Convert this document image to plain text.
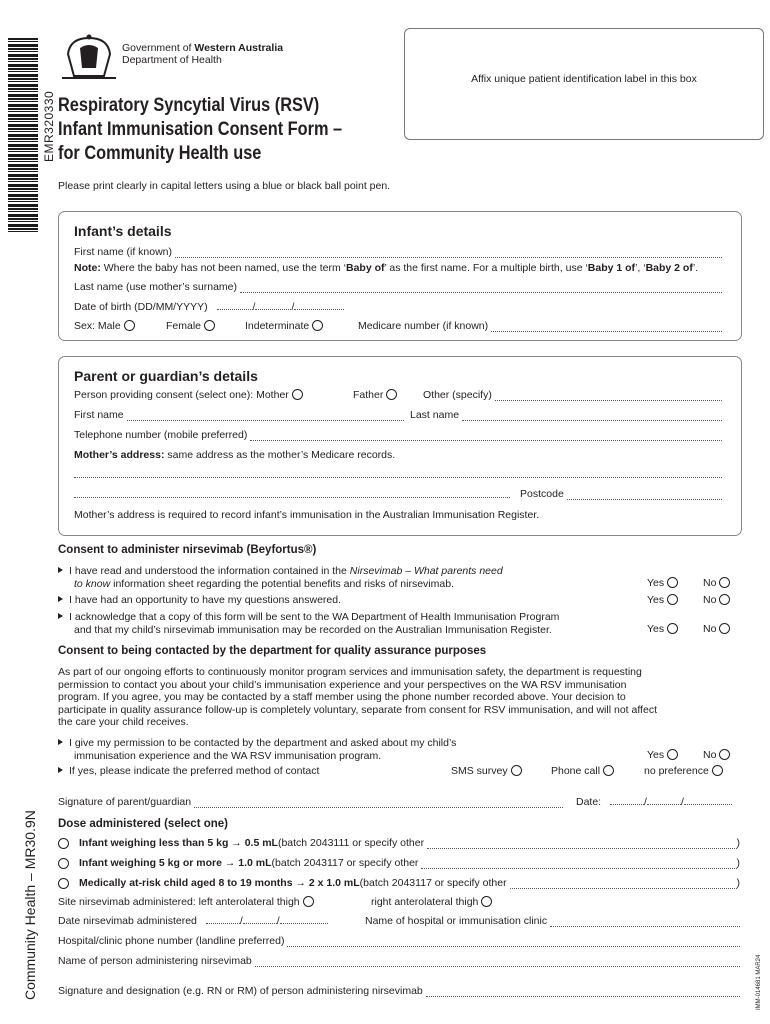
EMR320330
Community Health – MR30.9N	IMM-014681 MAR24
Government of Western Australia
Department of Health
Respiratory Syncytial Virus (RSV)
Infant Immunisation Consent Form –
for Community Health use
Affix unique patient identification label in this box
Please print clearly in capital letters using a blue or black ball point pen.
Infant’s details
First name (if known)
Note: Where the baby has not been named, use the term ‘Baby of’ as the first name. For a multiple birth, use ‘Baby 1 of’, ‘Baby 2 of’.
Last name (use mother’s surname)
Date of birth (DD/MM/YYYY)	/	/
Sex: Male	Female	Indeterminate	Medicare number (if known)
Parent or guardian’s details
Person providing consent (select one): Mother	Father	Other (specify)
First name	Last name
Telephone number (mobile preferred)
Mother’s address: same address as the mother’s Medicare records.
Postcode
Mother’s address is required to record infant’s immunisation in the Australian Immunisation Register.
Consent to administer nirsevimab (Beyfortus®)
I have read and understood the information contained in the Nirsevimab – What parents need
to know information sheet regarding the potential benefits and risks of nirsevimab.
I have had an opportunity to have my questions answered.
I acknowledge that a copy of this form will be sent to the WA Department of Health Immunisation Program
and that my child’s nirsevimab immunisation may be recorded on the Australian Immunisation Register.
Yes	No
Yes	No
Yes	No
Consent to being contacted by the department for quality assurance purposes
As part of our ongoing efforts to continuously monitor program services and immunisation safety, the department is requesting
permission to contact you about your child’s immunisation experience and your perspectives on the WA RSV immunisation
program. If you agree, you may be contacted by a staff member using the phone number recorded above. Your decision to
participate in quality assurance follow-up is completely voluntary, separate from consent for RSV immunisation, and will not affect
the care your child receives.
I give my permission to be contacted by the department and asked about my child’s
immunisation experience and the WA RSV immunisation program.	Yes	No
If yes, please indicate the preferred method of contact	SMS survey	Phone call	no preference
Signature of parent/guardian	Date:	/	/
Dose administered (select one)
Infant weighing less than 5 kg → 0.5 mL (batch 2043111 or specify other	)
Infant weighing 5 kg or more → 1.0 mL (batch 2043117 or specify other	)
Medically at-risk child aged 8 to 19 months → 2 x 1.0 mL (batch 2043117 or specify other	)
Site nirsevimab administered: left anterolateral thigh	right anterolateral thigh
Date nirsevimab administered	/	/	Name of hospital or immunisation clinic
Hospital/clinic phone number (landline preferred)
Name of person administering nirsevimab
Signature and designation (e.g. RN or RM) of person administering nirsevimab
